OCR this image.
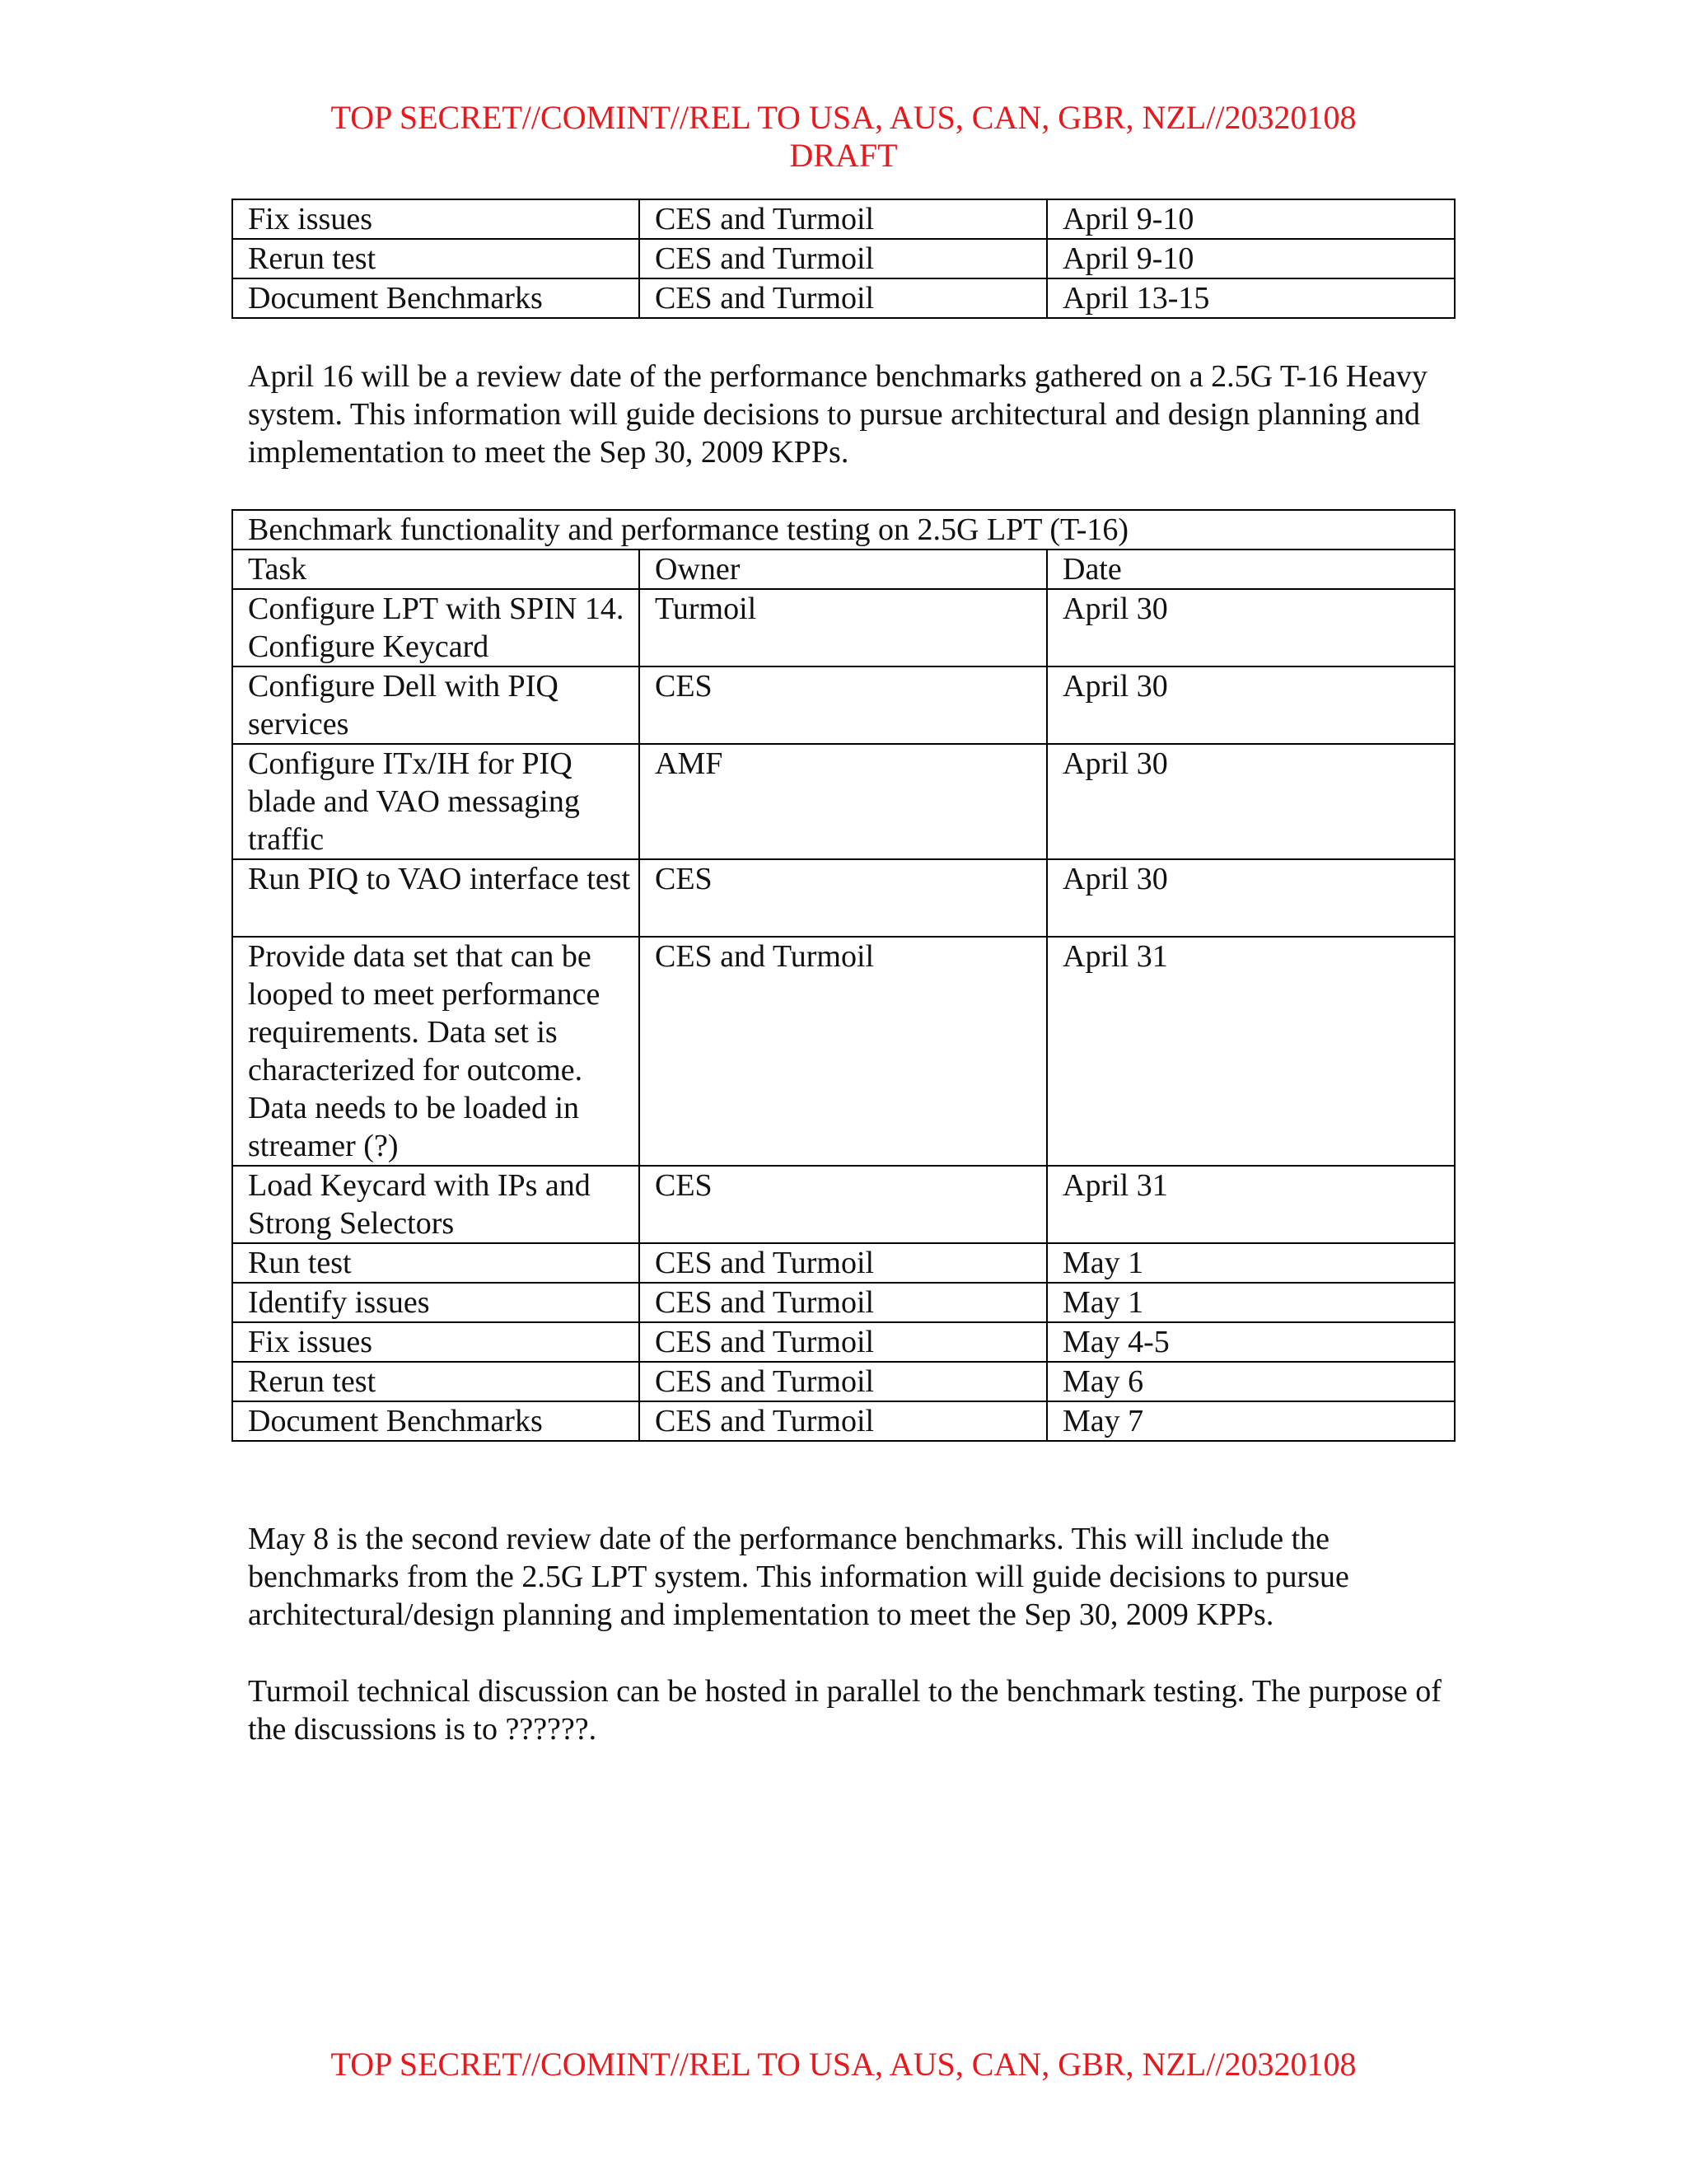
TOP SECRET//COMINT//REL TO USA, AUS, CAN, GBR, NZL//20320108
DRAFT
Fix issues	CES and Turmoil	April 9-10
Rerun test	CES and Turmoil	April 9-10
Document Benchmarks	CES and Turmoil	April 13-15

April 16 will be a review date of the performance benchmarks gathered on a 2.5G T-16 Heavy system. This information will guide decisions to pursue architectural and design planning and implementation to meet the Sep 30, 2009 KPPs.

Benchmark functionality and performance testing on 2.5G LPT (T-16)		
Task	Owner	Date
Configure LPT with SPIN 14. Configure Keycard	Turmoil	April 30
Configure Dell with PIQ services	CES	April 30
Configure ITx/IH for PIQ blade and VAO messaging traffic	AMF	April 30
Run PIQ to VAO interface test	CES	April 30
Provide data set that can be looped to meet performance requirements. Data set is characterized for outcome. Data needs to be loaded in streamer (?)	CES and Turmoil	April 31
Load Keycard with IPs and Strong Selectors	CES	April 31
Run test	CES and Turmoil	May 1
Identify issues	CES and Turmoil	May 1
Fix issues	CES and Turmoil	May 4-5
Rerun test	CES and Turmoil	May 6
Document Benchmarks	CES and Turmoil	May 7

May 8 is the second review date of the performance benchmarks. This will include the benchmarks from the 2.5G LPT system. This information will guide decisions to pursue architectural/design planning and implementation to meet the Sep 30, 2009 KPPs.

Turmoil technical discussion can be hosted in parallel to the benchmark testing. The purpose of the discussions is to ??????.

TOP SECRET//COMINT//REL TO USA, AUS, CAN, GBR, NZL//20320108
